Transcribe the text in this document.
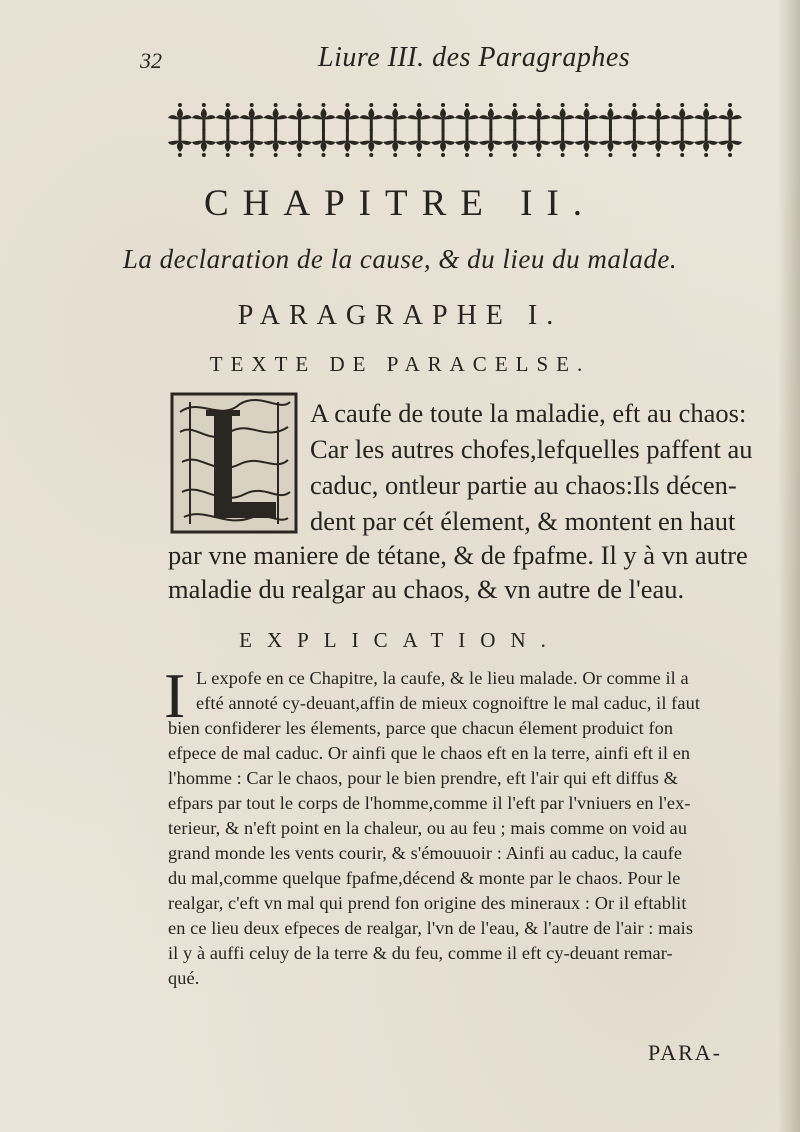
32	Liure III. des Paragraphes
CHAPITRE II.
La declaration de la cause, & du lieu du malade.
PARAGRAPHE I.
TEXTE DE PARACELSE.
A caufe de toute la maladie, eft au chaos:
Car les autres chofes,lefquelles paffent au
caduc, ontleur partie au chaos:Ils décen-
dent par cét élement, & montent en haut
par vne maniere de tétane, & de fpafme. Il y à vn autre
maladie du realgar au chaos, & vn autre de l'eau.
EXPLICATION.
I L expofe en ce Chapitre, la caufe, & le lieu malade. Or comme il a
efté annoté cy-deuant,affin de mieux cognoiftre le mal caduc, il faut
bien confiderer les élements, parce que chacun élement produict fon
efpece de mal caduc. Or ainfi que le chaos eft en la terre, ainfi eft il en
l'homme : Car le chaos, pour le bien prendre, eft l'air qui eft diffus &
efpars par tout le corps de l'homme,comme il l'eft par l'vniuers en l'ex-
terieur, & n'eft point en la chaleur, ou au feu ; mais comme on void au
grand monde les vents courir, & s'émouuoir : Ainfi au caduc, la caufe
du mal,comme quelque fpafme,décend & monte par le chaos. Pour le
realgar, c'eft vn mal qui prend fon origine des mineraux : Or il eftablit
en ce lieu deux efpeces de realgar, l'vn de l'eau, & l'autre de l'air : mais
il y à auffi celuy de la terre & du feu, comme il eft cy-deuant remar-
qué.
PARA-
